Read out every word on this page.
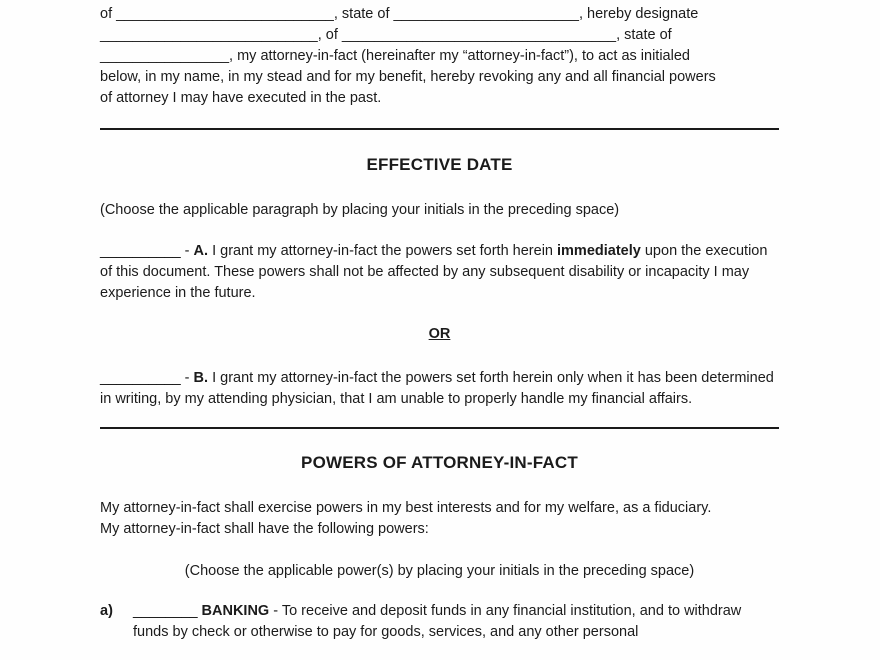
of ___________________________, state of _______________________, hereby designate
___________________________, of __________________________________, state of
________________, my attorney-in-fact (hereinafter my “attorney-in-fact”), to act as initialed
below, in my name, in my stead and for my benefit, hereby revoking any and all financial powers
of attorney I may have executed in the past.
EFFECTIVE DATE
(Choose the applicable paragraph by placing your initials in the preceding space)
__________ - A. I grant my attorney-in-fact the powers set forth herein immediately upon the execution of this document. These powers shall not be affected by any subsequent disability or incapacity I may experience in the future.
OR
__________ - B. I grant my attorney-in-fact the powers set forth herein only when it has been determined in writing, by my attending physician, that I am unable to properly handle my financial affairs.
POWERS OF ATTORNEY-IN-FACT
My attorney-in-fact shall exercise powers in my best interests and for my welfare, as a fiduciary.
My attorney-in-fact shall have the following powers:
(Choose the applicable power(s) by placing your initials in the preceding space)
a) ________ BANKING - To receive and deposit funds in any financial institution, and to withdraw funds by check or otherwise to pay for goods, services, and any other personal
